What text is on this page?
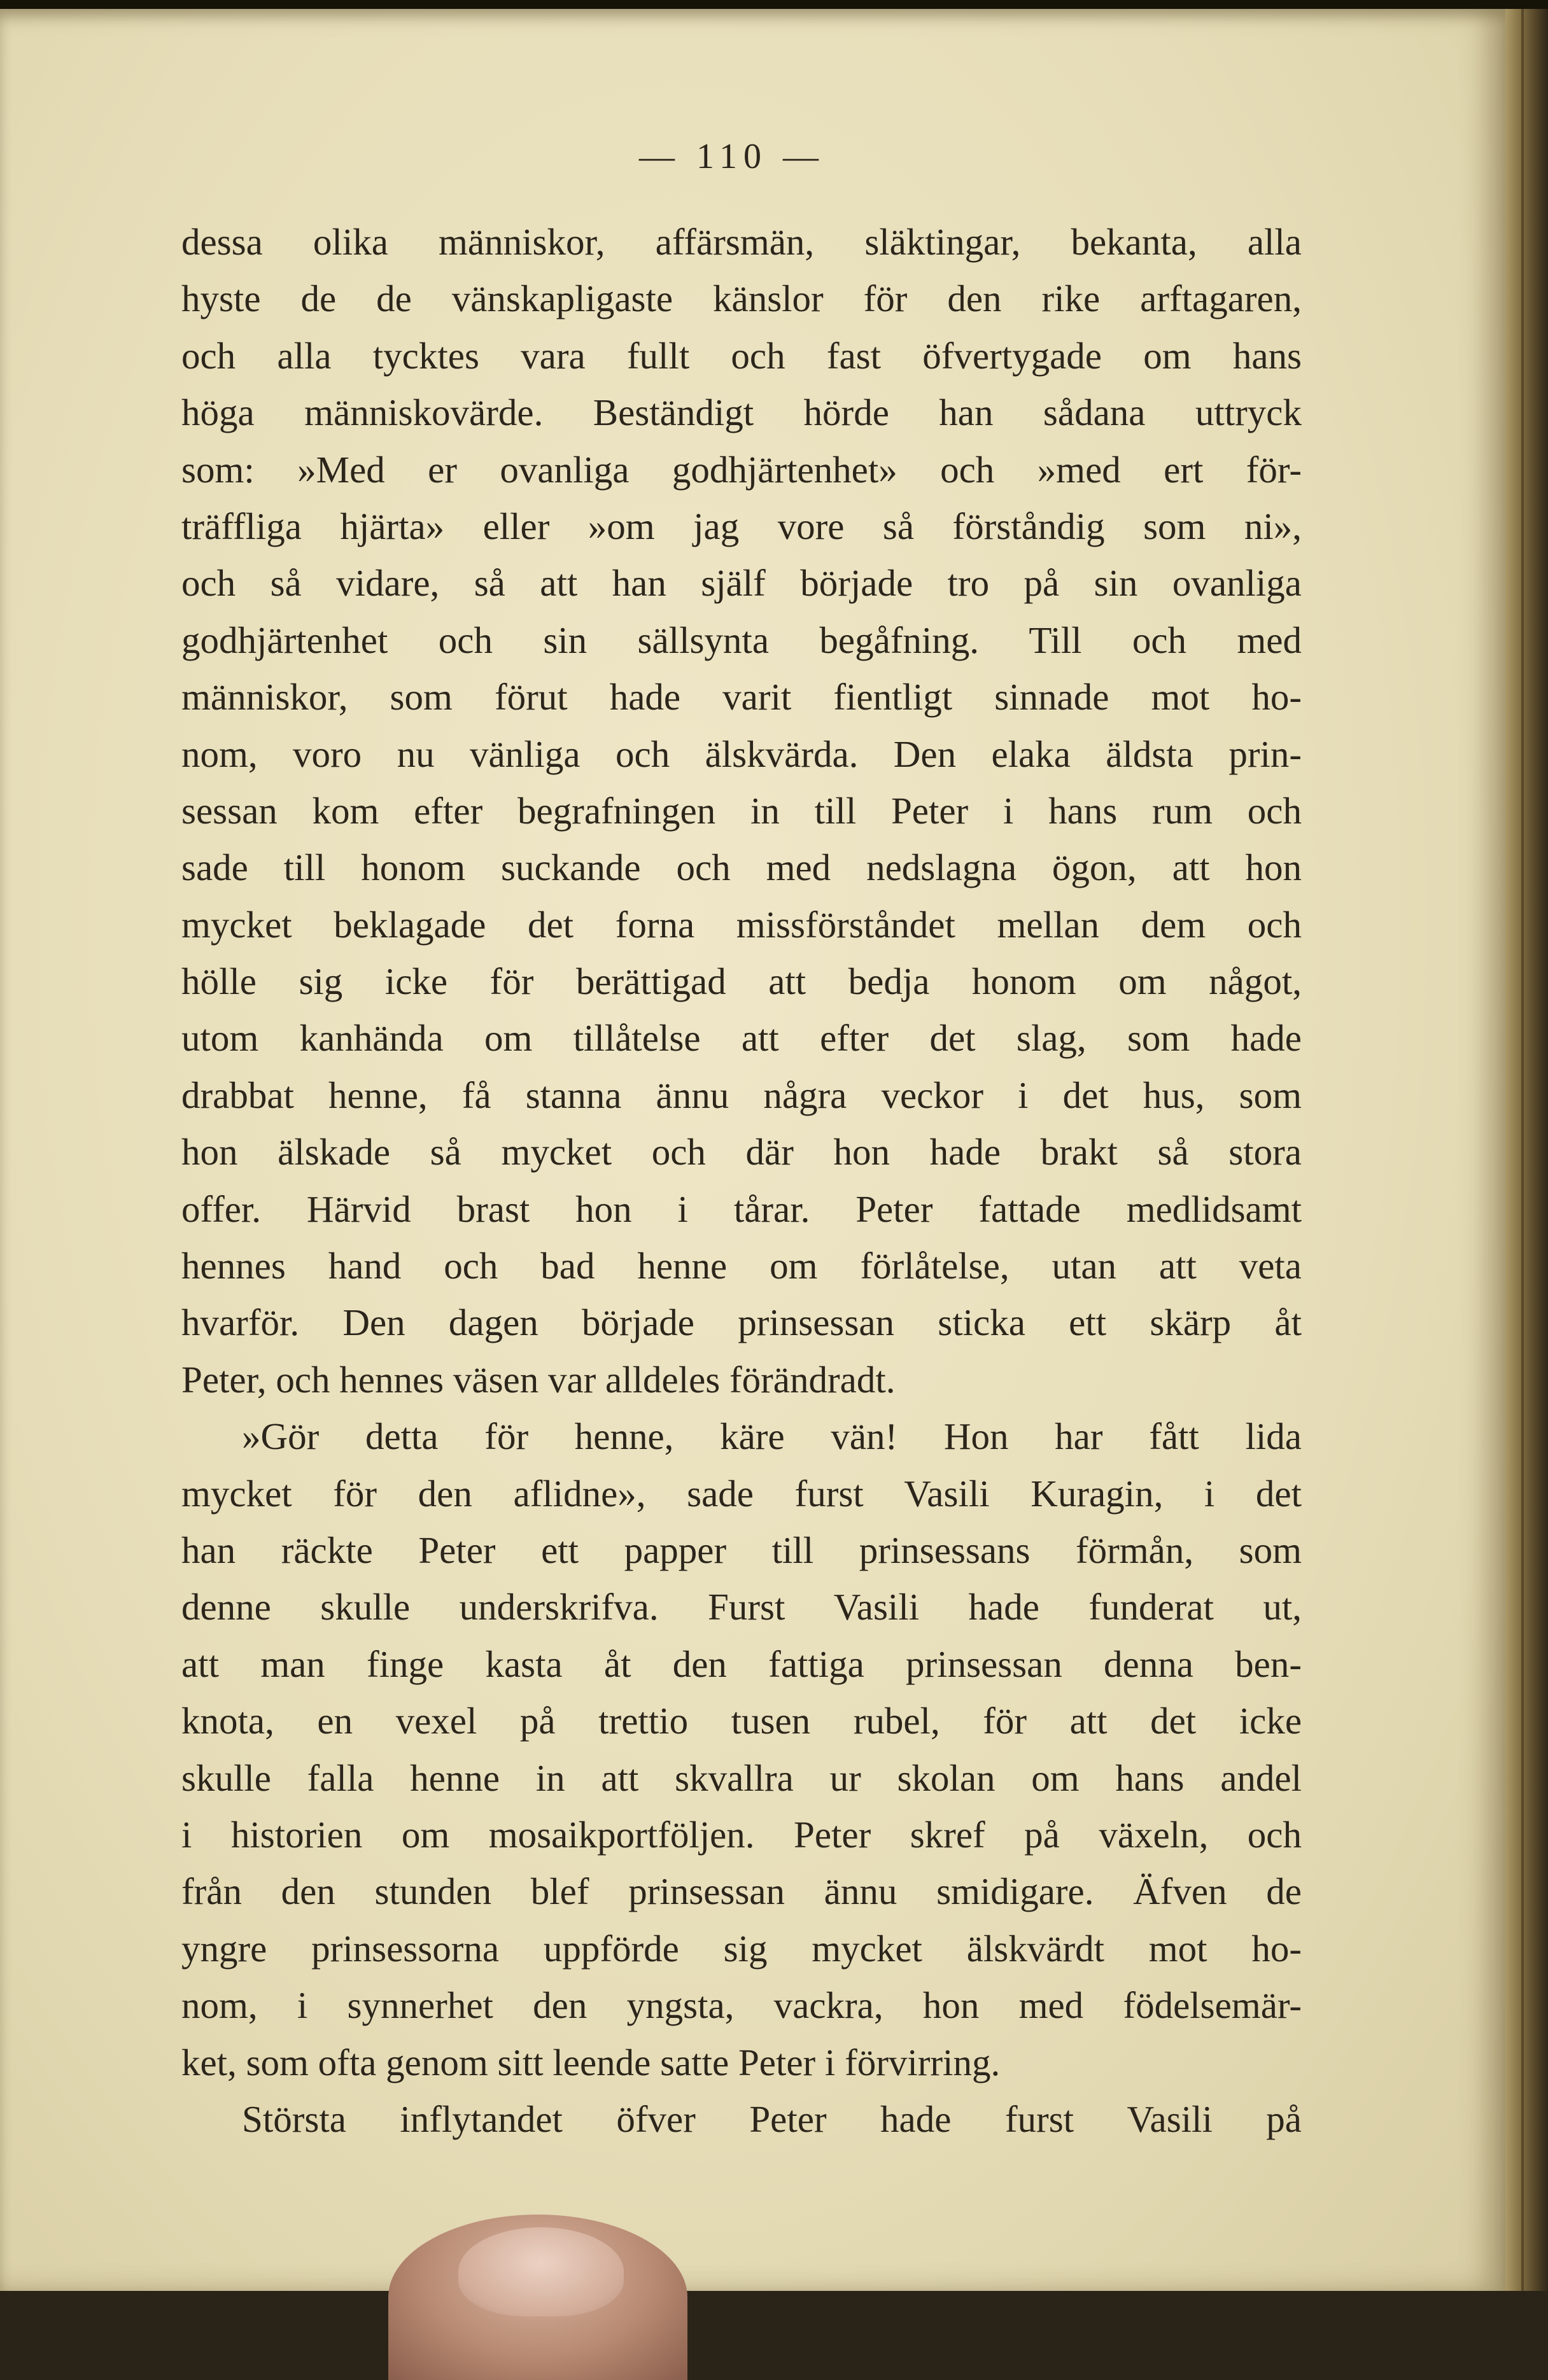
— 110 —
dessa olika människor, affärsmän, släktingar, bekanta, alla
hyste de de vänskapligaste känslor för den rike arftagaren,
och alla tycktes vara fullt och fast öfvertygade om hans
höga människovärde. Beständigt hörde han sådana uttryck
som: »Med er ovanliga godhjärtenhet» och »med ert för-
träffliga hjärta» eller »om jag vore så förståndig som ni»,
och så vidare, så att han själf började tro på sin ovanliga
godhjärtenhet och sin sällsynta begåfning. Till och med
människor, som förut hade varit fientligt sinnade mot ho-
nom, voro nu vänliga och älskvärda. Den elaka äldsta prin-
sessan kom efter begrafningen in till Peter i hans rum och
sade till honom suckande och med nedslagna ögon, att hon
mycket beklagade det forna missförståndet mellan dem och
hölle sig icke för berättigad att bedja honom om något,
utom kanhända om tillåtelse att efter det slag, som hade
drabbat henne, få stanna ännu några veckor i det hus, som
hon älskade så mycket och där hon hade brakt så stora
offer. Härvid brast hon i tårar. Peter fattade medlidsamt
hennes hand och bad henne om förlåtelse, utan att veta
hvarför. Den dagen började prinsessan sticka ett skärp åt
Peter, och hennes väsen var alldeles förändradt.
»Gör detta för henne, käre vän! Hon har fått lida
mycket för den aflidne», sade furst Vasili Kuragin, i det
han räckte Peter ett papper till prinsessans förmån, som
denne skulle underskrifva. Furst Vasili hade funderat ut,
att man finge kasta åt den fattiga prinsessan denna ben-
knota, en vexel på trettio tusen rubel, för att det icke
skulle falla henne in att skvallra ur skolan om hans andel
i historien om mosaikportföljen. Peter skref på växeln, och
från den stunden blef prinsessan ännu smidigare. Äfven de
yngre prinsessorna uppförde sig mycket älskvärdt mot ho-
nom, i synnerhet den yngsta, vackra, hon med födelsemär-
ket, som ofta genom sitt leende satte Peter i förvirring.
Största inflytandet öfver Peter hade furst Vasili på
